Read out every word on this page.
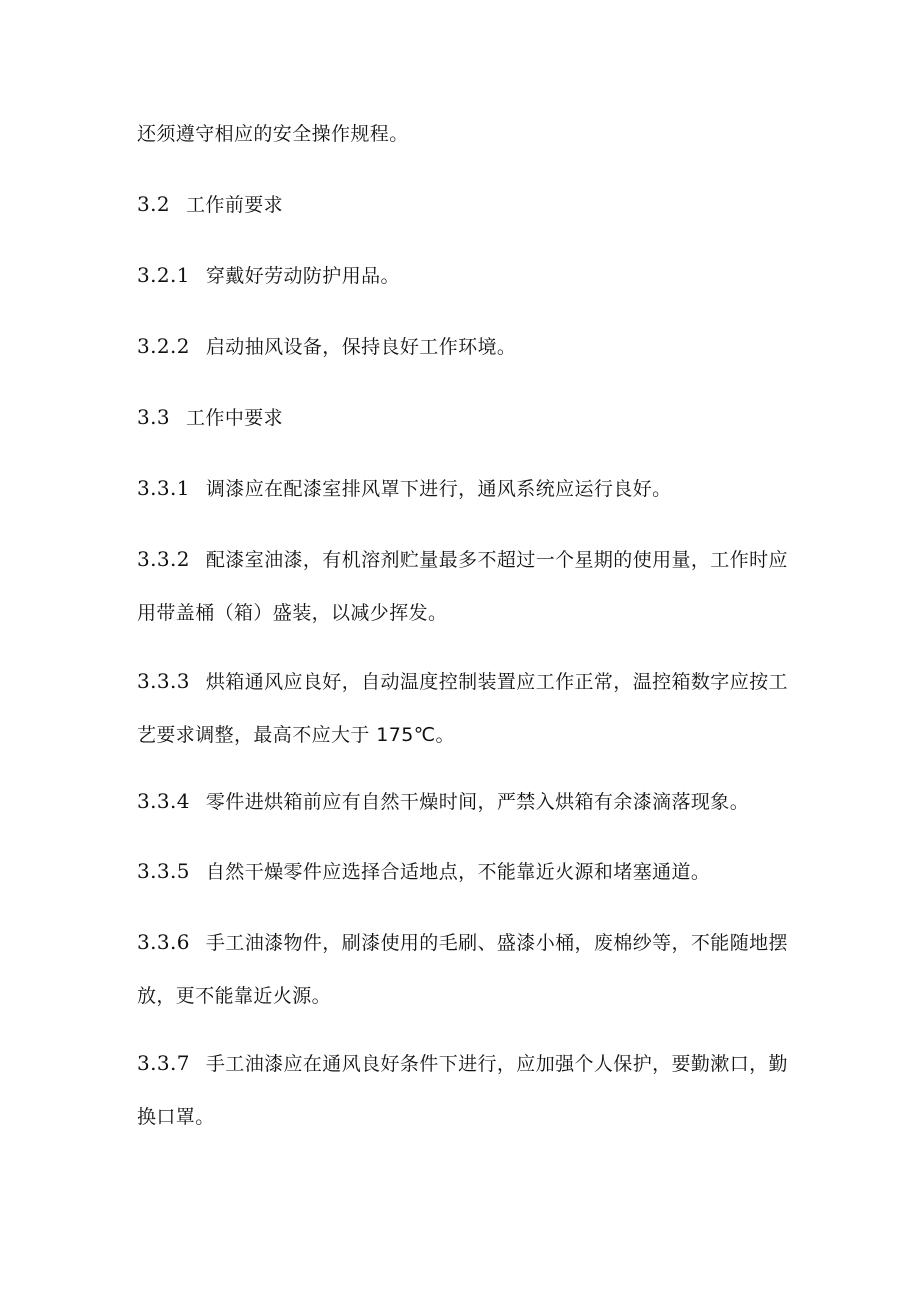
还须遵守相应的安全操作规程。
3.2 工作前要求
3.2.1 穿戴好劳动防护用品。
3.2.2 启动抽风设备，保持良好工作环境。
3.3 工作中要求
3.3.1 调漆应在配漆室排风罩下进行，通风系统应运行良好。
3.3.2 配漆室油漆，有机溶剂贮量最多不超过一个星期的使用量，工作时应用带盖桶（箱）盛装，以减少挥发。
3.3.3 烘箱通风应良好，自动温度控制装置应工作正常，温控箱数字应按工艺要求调整，最高不应大于 175℃。
3.3.4 零件进烘箱前应有自然干燥时间，严禁入烘箱有余漆滴落现象。
3.3.5 自然干燥零件应选择合适地点，不能靠近火源和堵塞通道。
3.3.6 手工油漆物件，刷漆使用的毛刷、盛漆小桶，废棉纱等，不能随地摆放，更不能靠近火源。
3.3.7 手工油漆应在通风良好条件下进行，应加强个人保护，要勤漱口，勤换口罩。
